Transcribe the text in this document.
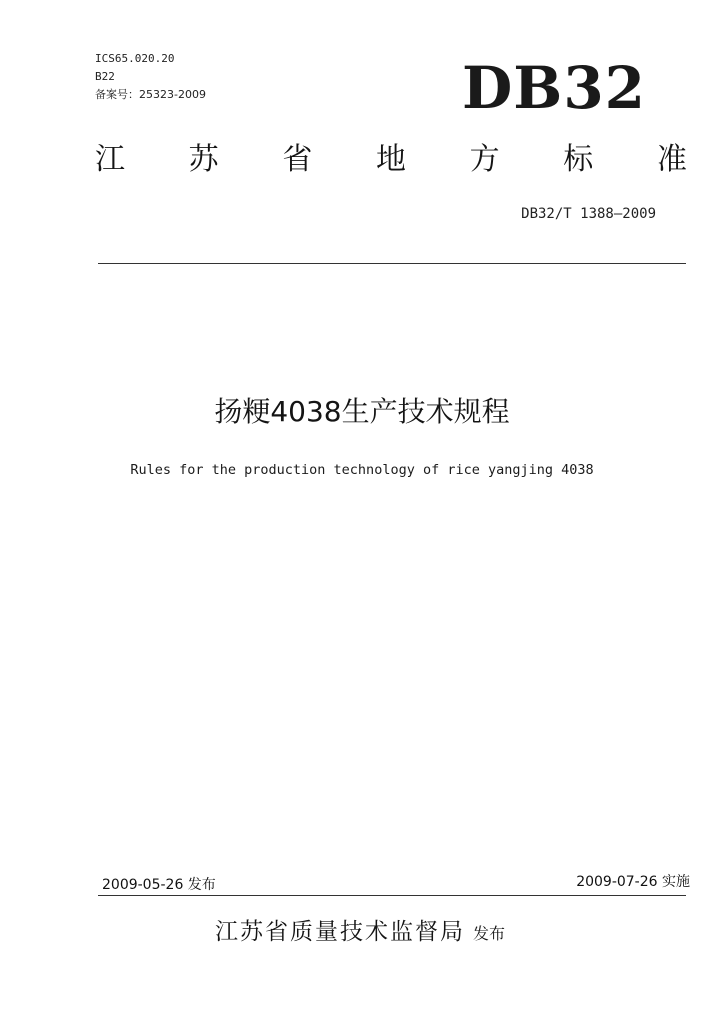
ICS65.020.20
B22
备案号：25323-2009	DB32
江 苏 省 地 方 标 准
DB32/T 1388—2009
扬粳4038生产技术规程
Rules for the production technology of rice yangjing 4038
2009-05-26 发布	2009-07-26 实施
江苏省质量技术监督局 发布
